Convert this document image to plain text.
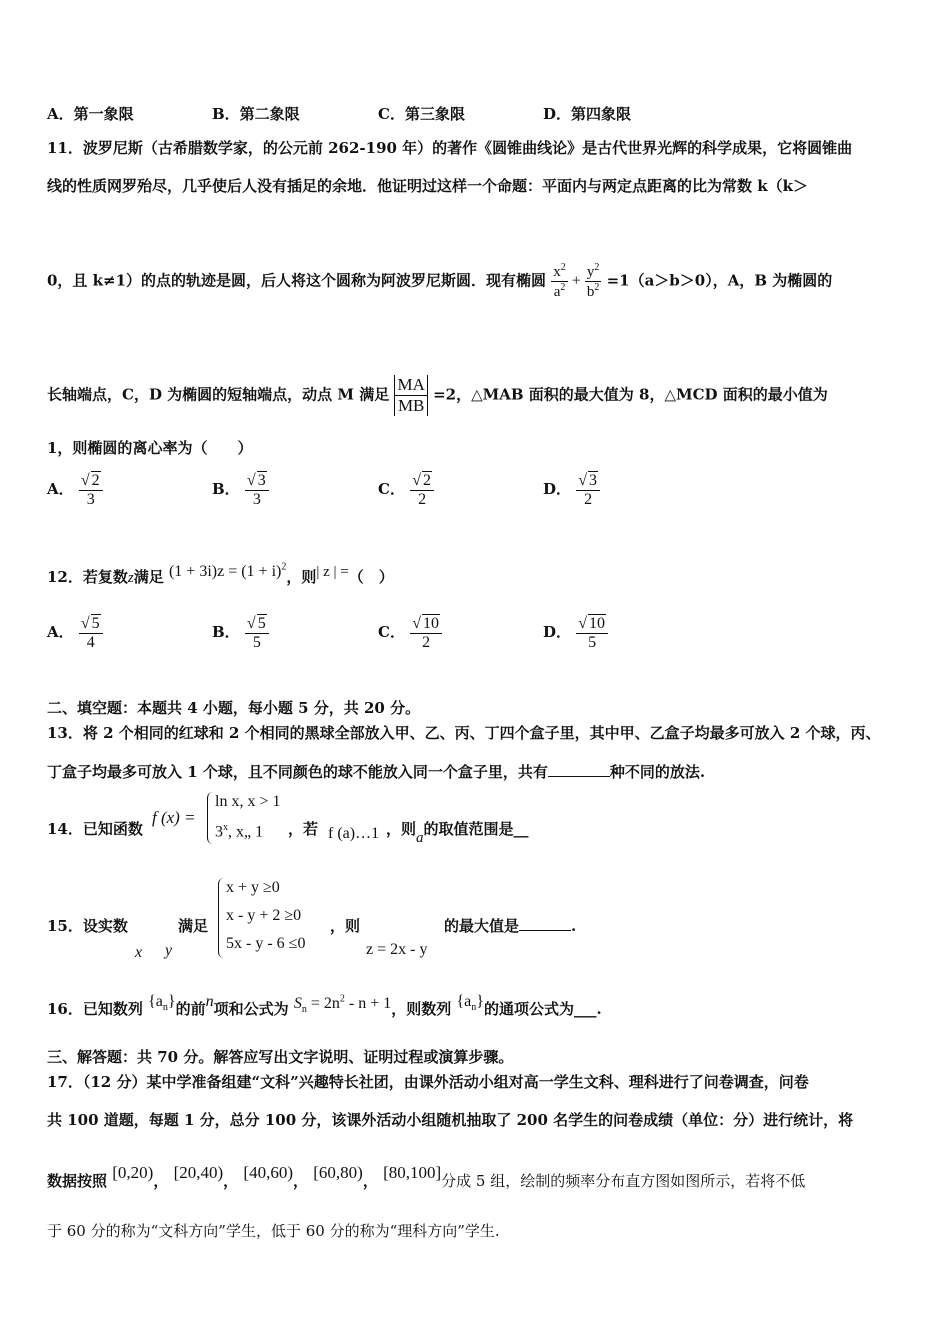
A．第一象限	B．第二象限	C．第三象限	D．第四象限
11．波罗尼斯（古希腊数学家，的公元前 262-190 年）的著作《圆锥曲线论》是古代世界光辉的科学成果，它将圆锥曲
线的性质网罗殆尽，几乎使后人没有插足的余地．他证明过这样一个命题：平面内与两定点距离的比为常数 k（k＞
0，且 k≠1）的点的轨迹是圆，后人将这个圆称为阿波罗尼斯圆．现有椭圆 $\frac{x^2}{a^2} + \frac{y^2}{b^2} =1(a>b>0)$，A，B 为椭圆的
长轴端点，C，D 为椭圆的短轴端点，动点 M 满足 $\frac{MA}{MB} =2$，△MAB 面积的最大值为 8，△MCD 面积的最小值为
1，则椭圆的离心率为（　　）
A． $\frac{√ 2}{3}$	B． $\frac{√ 3}{3}$	C． $\frac{√ 2}{2}$	D． $\frac{√ 3}{2}$
12．若复数z满足 $(1 + 3i)z = (1 + i)^2$，则| z | =（　）
A． $\frac{√ 5}{4}$	B． $\frac{√ 5}{5}$	C． $\frac{√ 10}{2}$	D． $\frac{√ 10}{5}$
二、填空题：本题共 4 小题，每小题 5 分，共 20 分。
13．将 2 个相同的红球和 2 个相同的黑球全部放入甲、乙、丙、丁四个盒子里，其中甲、乙盒子均最多可放入 2 个球，丙、
丁盒子均最多可放入 1 个球，且不同颜色的球不能放入同一个盒子里，共有	种不同的放法.
14．已知函数
f (x) =
ln x, x > 1
3$^x$, x„ 1 ，若 f (a)…1 ，则a的取值范围是__
15．设实数
x y
满足
x + y ≥0
x - y + 2 ≥0
5x - y - 6 ≤0
，则
z = 2x - y
的最大值是	.
16．已知数列 $\{a_n\}$的前n项和公式为 $S_n = 2n^2 - n + 1$，则数列 $\{a_n\}$的通项公式为___.
三、解答题：共 70 分。解答应写出文字说明、证明过程或演算步骤。
17．（12 分）某中学准备组建“文科”兴趣特长社团，由课外活动小组对高一学生文科、理科进行了问卷调查，问卷
共 100 道题，每题 1 分，总分 100 分，该课外活动小组随机抽取了 200 名学生的问卷成绩（单位：分）进行统计，将
数据按照 [0,20)， [20,40)， [40,60)， [60,80)， [80,100]分成 5 组，绘制的频率分布直方图如图所示，若将不低
于 60 分的称为“文科方向”学生，低于 60 分的称为“理科方向”学生.
